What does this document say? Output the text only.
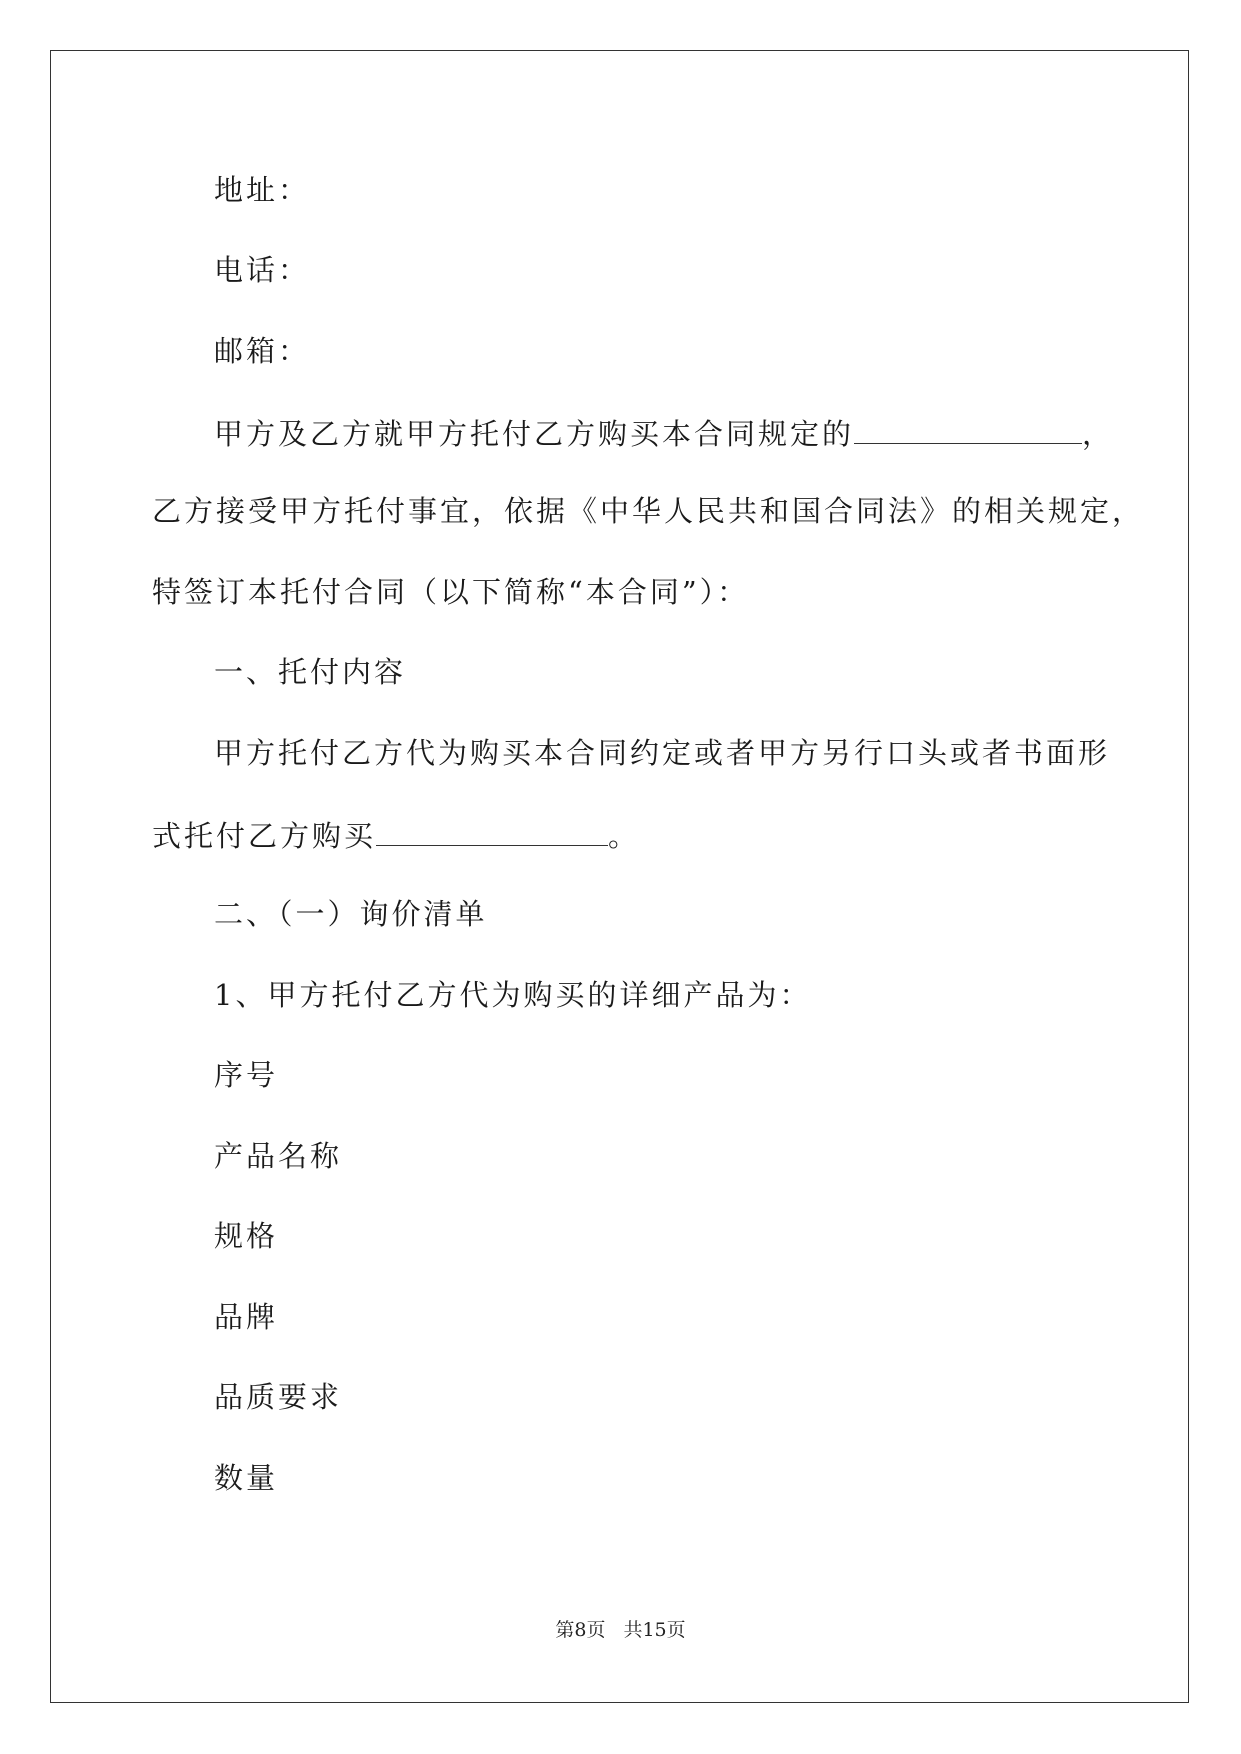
地址：
电话：
邮箱：
甲方及乙方就甲方托付乙方购买本合同规定的	，
乙方接受甲方托付事宜，依据《中华人民共和国合同法》的相关规定，
特签订本托付合同（以下简称“本合同”）：
一、托付内容
甲方托付乙方代为购买本合同约定或者甲方另行口头或者书面形
式托付乙方购买	。
二、（一）询价清单
1、甲方托付乙方代为购买的详细产品为：
序号
产品名称
规格
品牌
品质要求
数量
第8页 共15页
